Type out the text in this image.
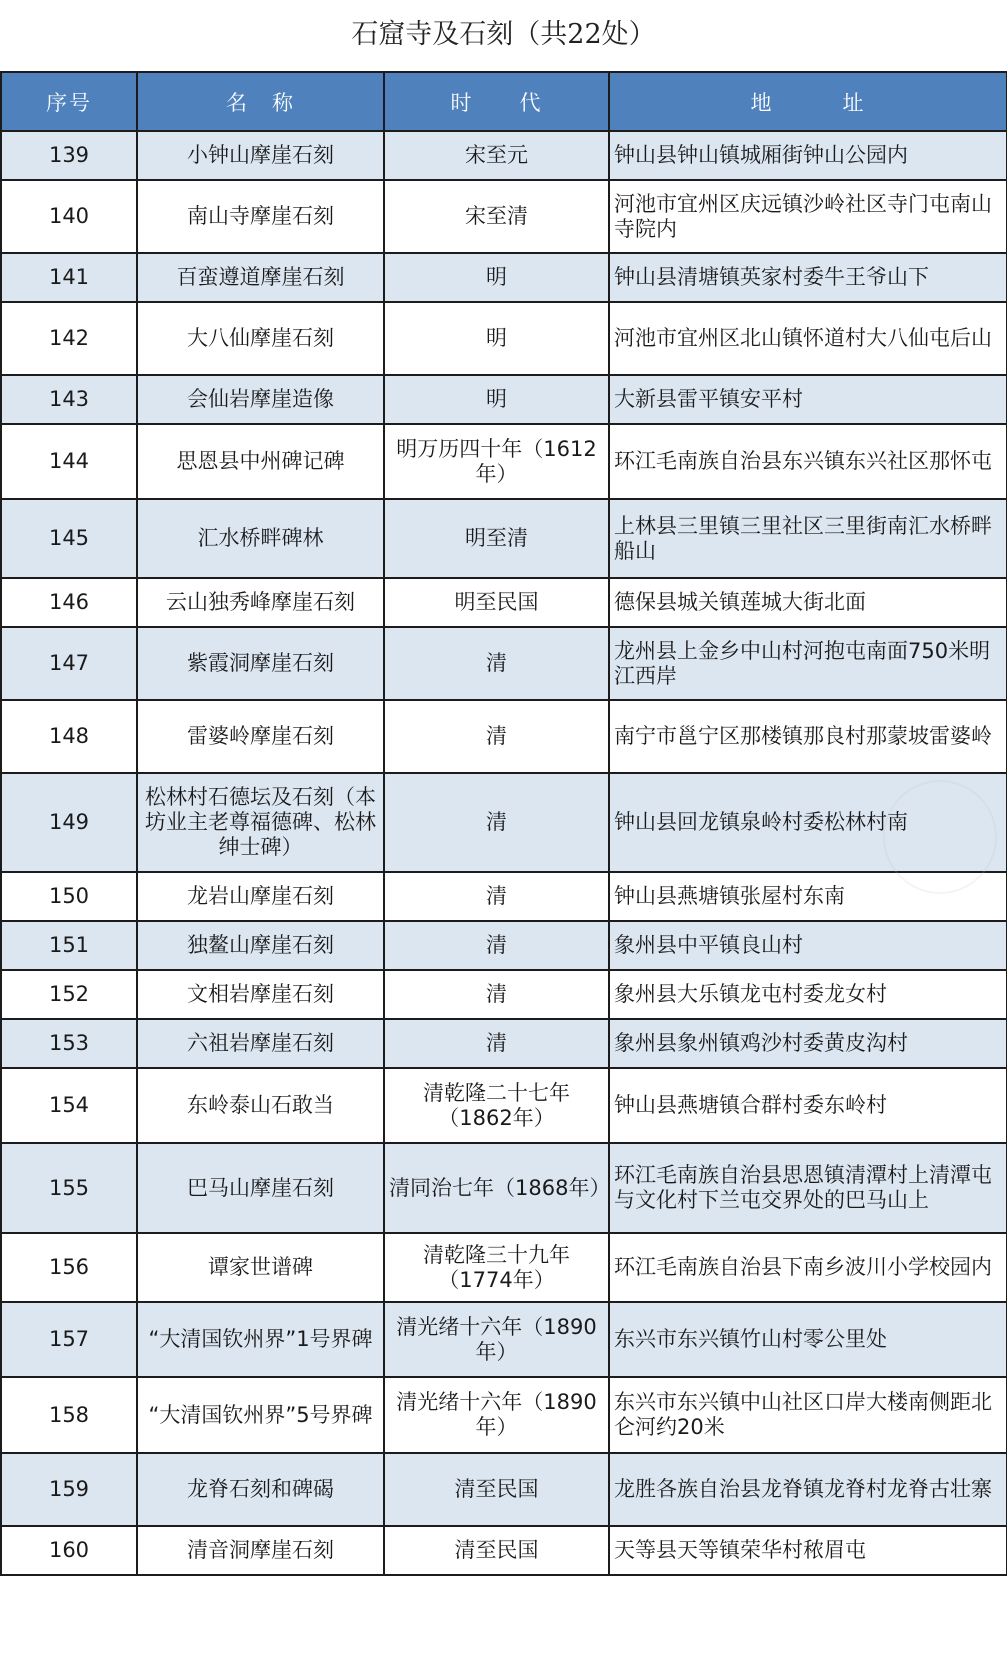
石窟寺及石刻（共22处）
序号	名　称	时　　代	地　　　址
139	小钟山摩崖石刻	宋至元	钟山县钟山镇城厢街钟山公园内
140	南山寺摩崖石刻	宋至清	河池市宜州区庆远镇沙岭社区寺门屯南山寺院内
141	百蛮遵道摩崖石刻	明	钟山县清塘镇英家村委牛王爷山下
142	大八仙摩崖石刻	明	河池市宜州区北山镇怀道村大八仙屯后山
143	会仙岩摩崖造像	明	大新县雷平镇安平村
144	思恩县中州碑记碑	明万历四十年（1612年）	环江毛南族自治县东兴镇东兴社区那怀屯
145	汇水桥畔碑林	明至清	上林县三里镇三里社区三里街南汇水桥畔船山
146	云山独秀峰摩崖石刻	明至民国	德保县城关镇莲城大街北面
147	紫霞洞摩崖石刻	清	龙州县上金乡中山村河抱屯南面750米明江西岸
148	雷婆岭摩崖石刻	清	南宁市邕宁区那楼镇那良村那蒙坡雷婆岭
149	松林村石德坛及石刻（本坊业主老尊福德碑、松林绅士碑）	清	钟山县回龙镇泉岭村委松林村南
150	龙岩山摩崖石刻	清	钟山县燕塘镇张屋村东南
151	独鳌山摩崖石刻	清	象州县中平镇良山村
152	文相岩摩崖石刻	清	象州县大乐镇龙屯村委龙女村
153	六祖岩摩崖石刻	清	象州县象州镇鸡沙村委黄皮沟村
154	东岭泰山石敢当	清乾隆二十七年（1862年）	钟山县燕塘镇合群村委东岭村
155	巴马山摩崖石刻	清同治七年（1868年）	环江毛南族自治县思恩镇清潭村上清潭屯与文化村下兰屯交界处的巴马山上
156	谭家世谱碑	清乾隆三十九年（1774年）	环江毛南族自治县下南乡波川小学校园内
157	“大清国钦州界”1号界碑	清光绪十六年（1890年）	东兴市东兴镇竹山村零公里处
158	“大清国钦州界”5号界碑	清光绪十六年（1890年）	东兴市东兴镇中山社区口岸大楼南侧距北仑河约20米
159	龙脊石刻和碑碣	清至民国	龙胜各族自治县龙脊镇龙脊村龙脊古壮寨
160	清音洞摩崖石刻	清至民国	天等县天等镇荣华村秾眉屯
